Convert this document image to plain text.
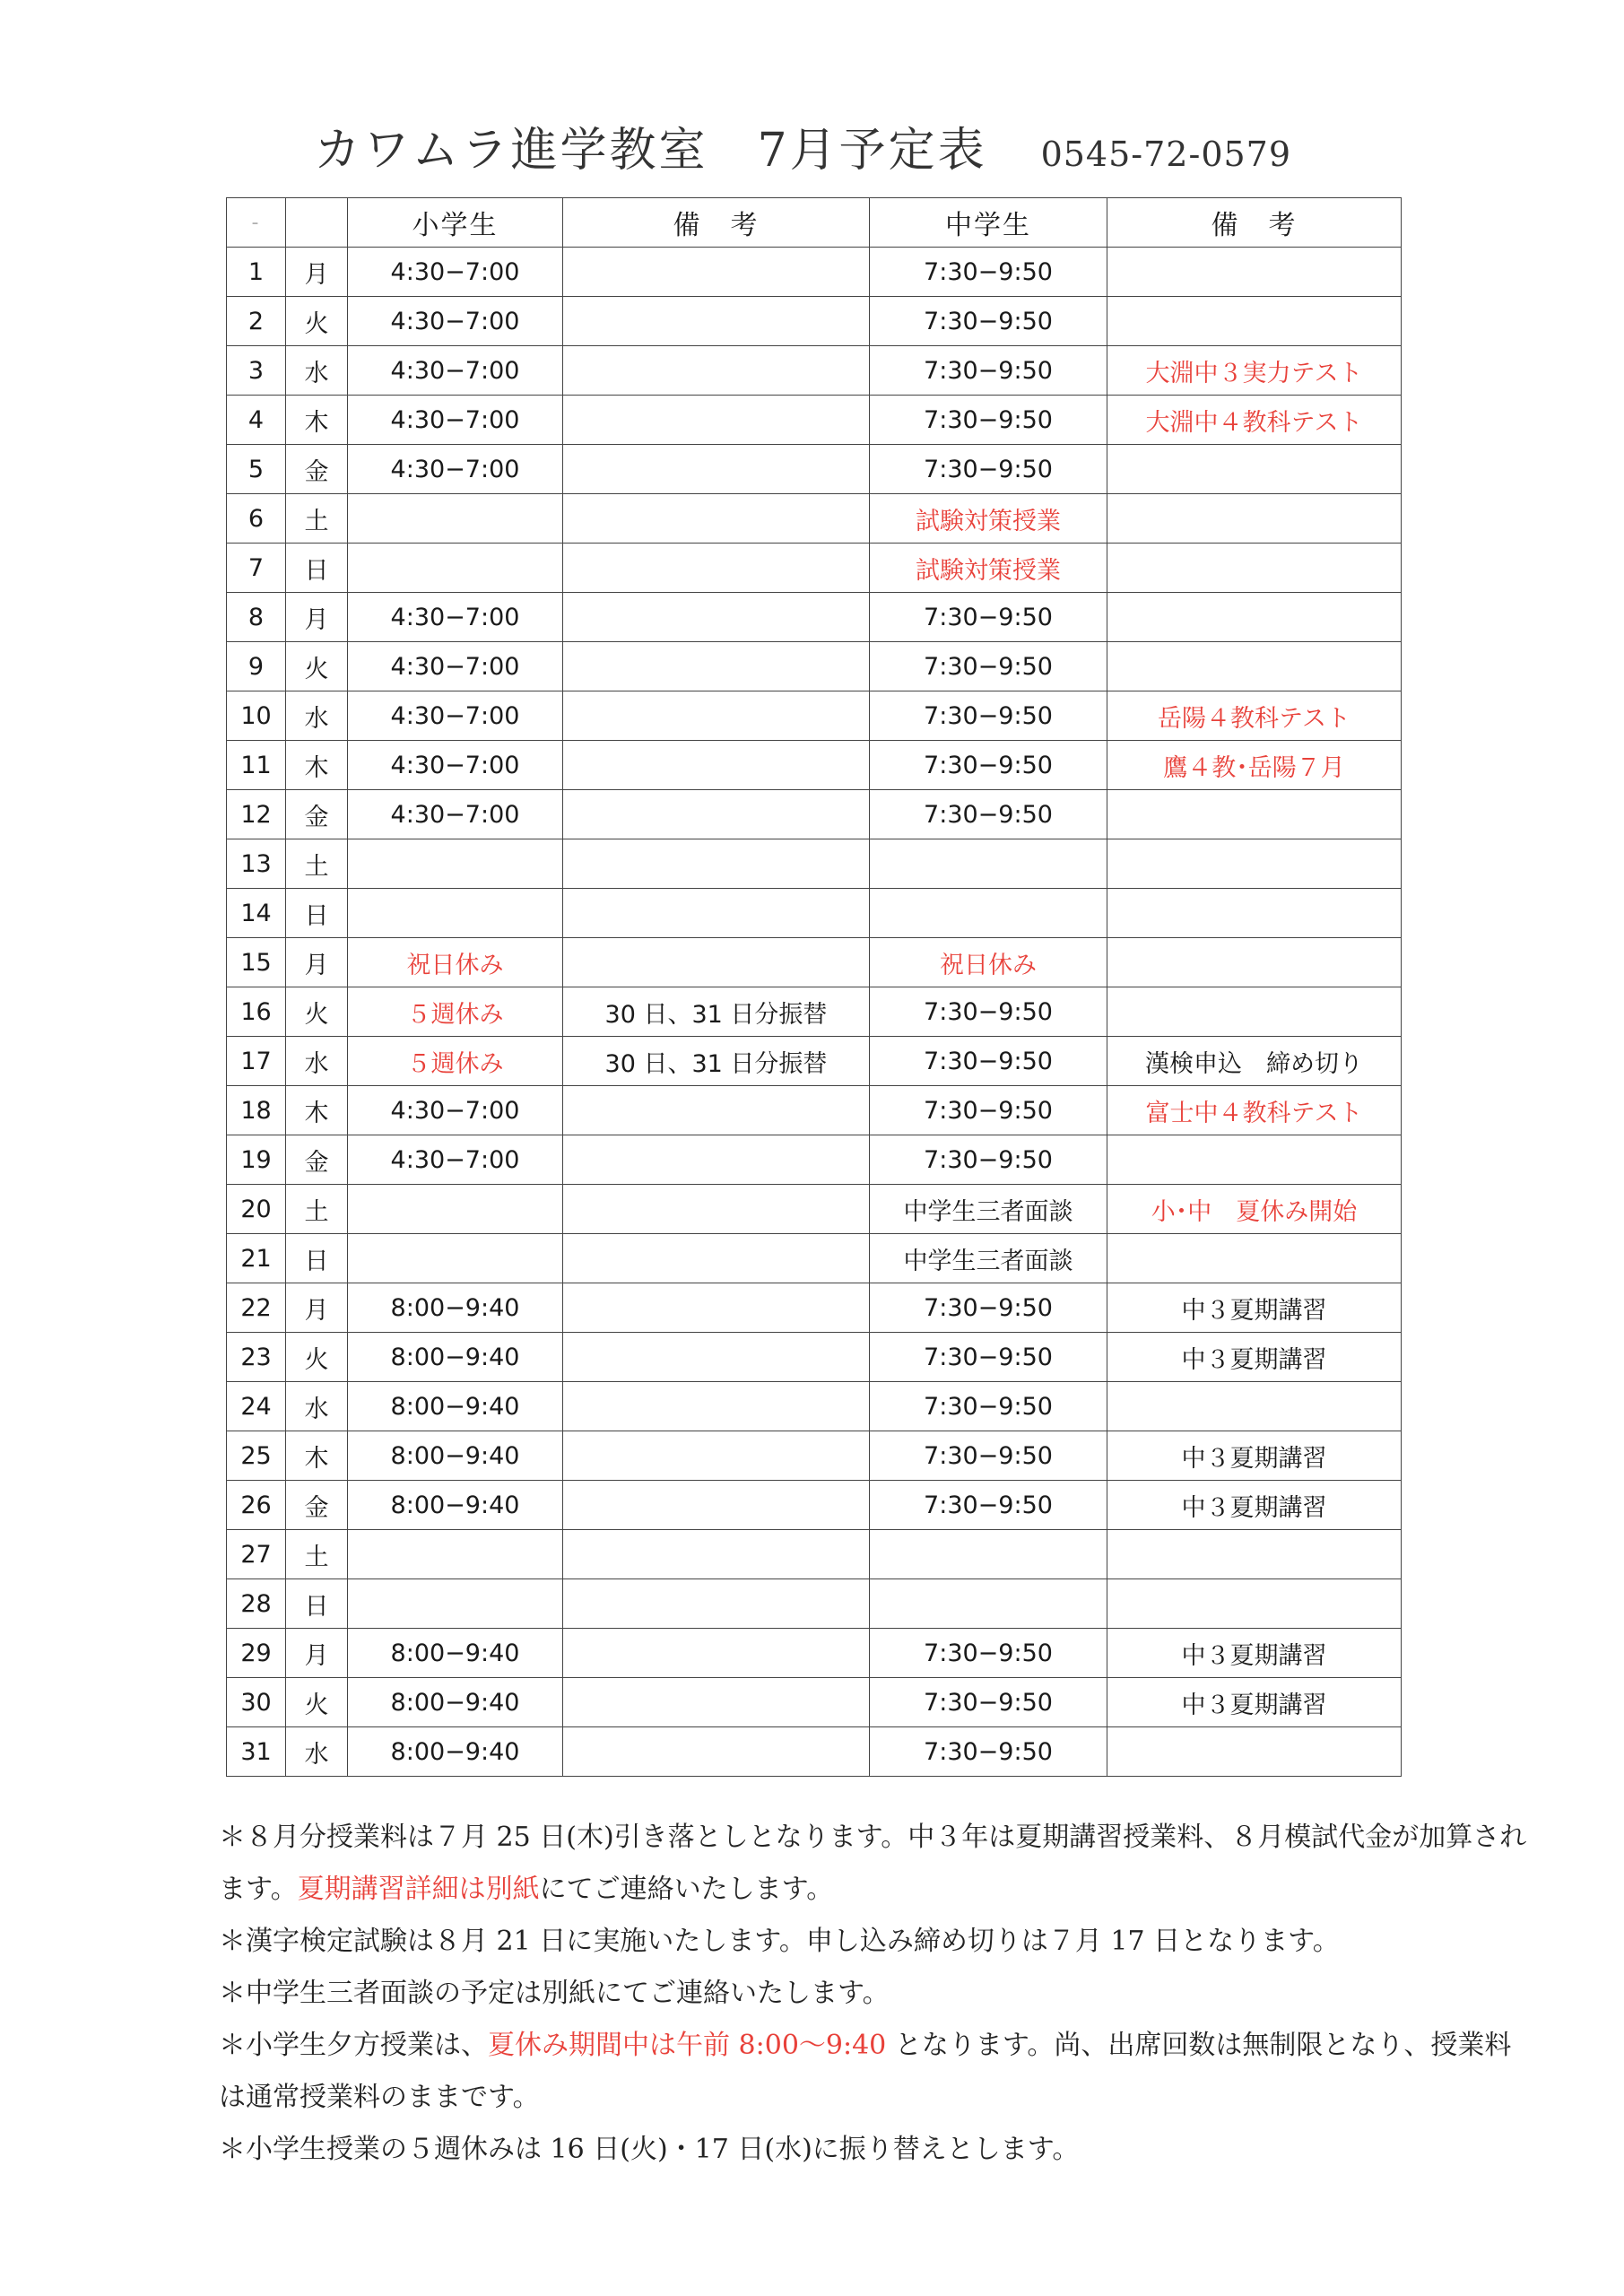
カワムラ進学教室　7月予定表 0545-72-0579
-		小学生	備　考	中学生	備　考
1	月	4:30−7:00		7:30−9:50	
2	火	4:30−7:00		7:30−9:50	
3	水	4:30−7:00		7:30−9:50	大淵中３実力テスト
4	木	4:30−7:00		7:30−9:50	大淵中４教科テスト
5	金	4:30−7:00		7:30−9:50	
6	土			試験対策授業	
7	日			試験対策授業	
8	月	4:30−7:00		7:30−9:50	
9	火	4:30−7:00		7:30−9:50	
10	水	4:30−7:00		7:30−9:50	岳陽４教科テスト
11	木	4:30−7:00		7:30−9:50	鷹４教･岳陽７月
12	金	4:30−7:00		7:30−9:50	
13	土				
14	日				
15	月	祝日休み		祝日休み	
16	火	５週休み	30 日、31 日分振替	7:30−9:50	
17	水	５週休み	30 日、31 日分振替	7:30−9:50	漢検申込　締め切り
18	木	4:30−7:00		7:30−9:50	富士中４教科テスト
19	金	4:30−7:00		7:30−9:50	
20	土			中学生三者面談	小･中　夏休み開始
21	日			中学生三者面談	
22	月	8:00−9:40		7:30−9:50	中３夏期講習
23	火	8:00−9:40		7:30−9:50	中３夏期講習
24	水	8:00−9:40		7:30−9:50	
25	木	8:00−9:40		7:30−9:50	中３夏期講習
26	金	8:00−9:40		7:30−9:50	中３夏期講習
27	土				
28	日				
29	月	8:00−9:40		7:30−9:50	中３夏期講習
30	火	8:00−9:40		7:30−9:50	中３夏期講習
31	水	8:00−9:40		7:30−9:50	

＊８月分授業料は７月 25 日(木)引き落としとなります。中３年は夏期講習授業料、８月模試代金が加算されます。夏期講習詳細は別紙にてご連絡いたします。

＊漢字検定試験は８月 21 日に実施いたします。申し込み締め切りは７月 17 日となります。

＊中学生三者面談の予定は別紙にてご連絡いたします。

＊小学生夕方授業は、夏休み期間中は午前 8:00～9:40 となります。尚、出席回数は無制限となり、授業料は通常授業料のままです。

＊小学生授業の５週休みは 16 日(火)・17 日(水)に振り替えとします。
